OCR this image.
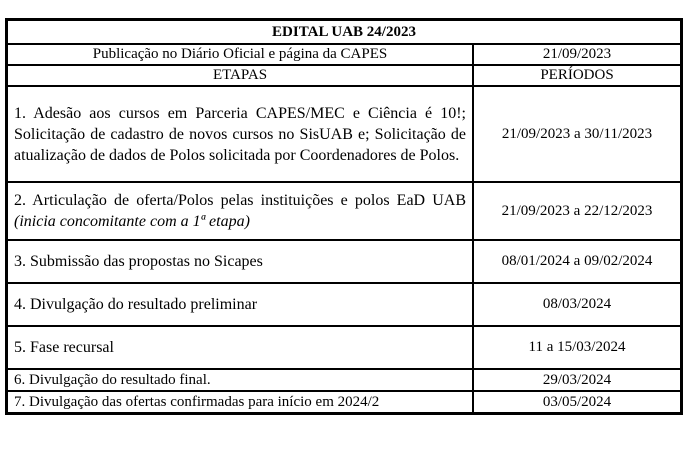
EDITAL UAB 24/2023	
Publicação no Diário Oficial e página da CAPES	21/09/2023
ETAPAS	PERÍODOS
1. Adesão aos cursos em Parceria CAPES/MEC e Ciência é 10!; Solicitação de cadastro de novos cursos no SisUAB e; Solicitação de atualização de dados de Polos solicitada por Coordenadores de Polos.	21/09/2023 a 30/11/2023
2. Articulação de oferta/Polos pelas instituições e polos EaD UAB (inicia concomitante com a 1ª etapa)	21/09/2023 a 22/12/2023
3. Submissão das propostas no Sicapes	08/01/2024 a 09/02/2024
4. Divulgação do resultado preliminar	08/03/2024
5. Fase recursal	11 a 15/03/2024
6. Divulgação do resultado final.	29/03/2024
7. Divulgação das ofertas confirmadas para início em 2024/2	03/05/2024
